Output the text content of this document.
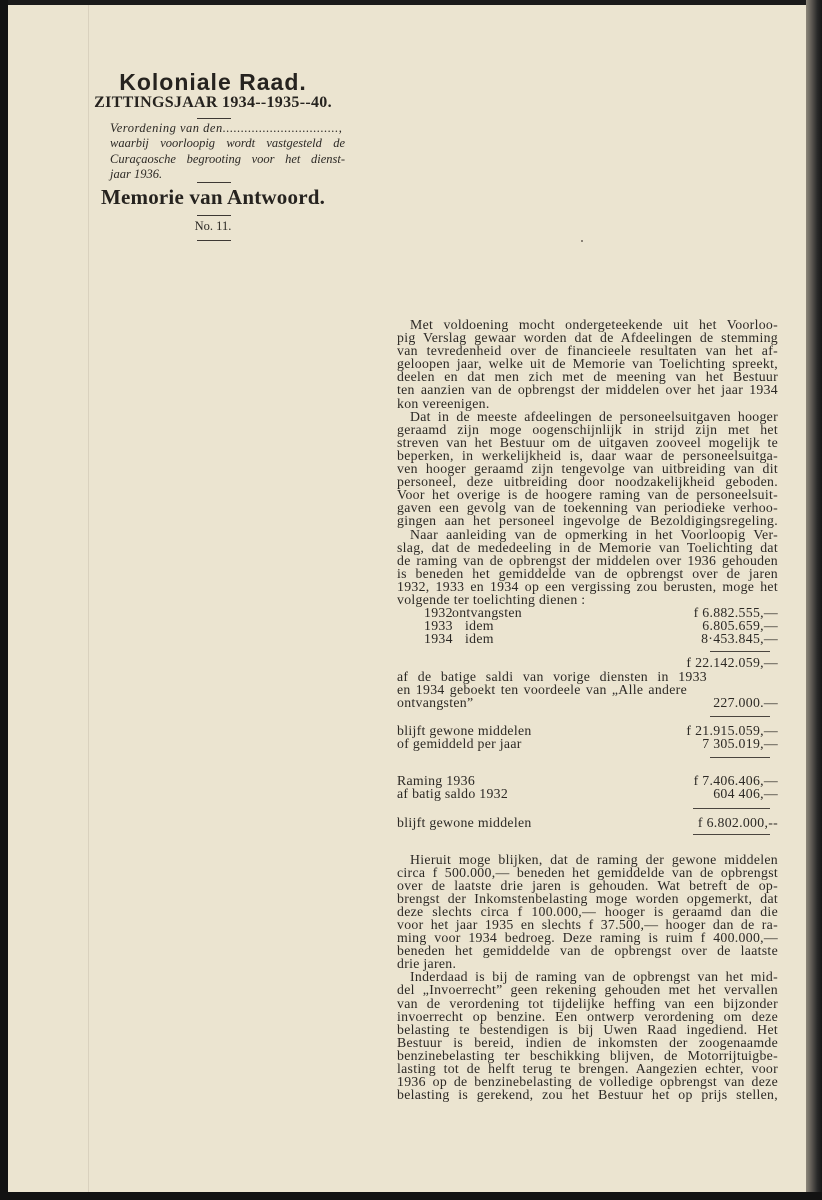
Koloniale Raad.
ZITTINGSJAAR 1934--1935--40.
Verordening van den................................,
waarbij voorloopig wordt vastgesteld de
Curaçaosche begrooting voor het dienst-
jaar 1936.
Memorie van Antwoord.
No. 11.
Met voldoening mocht ondergeteekende uit het Voorloo-
pig Verslag gewaar worden dat de Afdeelingen de stemming
van tevredenheid over de financieele resultaten van het af-
geloopen jaar, welke uit de Memorie van Toelichting spreekt,
deelen en dat men zich met de meening van het Bestuur
ten aanzien van de opbrengst der middelen over het jaar 1934
kon vereenigen.
Dat in de meeste afdeelingen de personeelsuitgaven hooger
geraamd zijn moge oogenschijnlijk in strijd zijn met het
streven van het Bestuur om de uitgaven zooveel mogelijk te
beperken, in werkelijkheid is, daar waar de personeelsuitga-
ven hooger geraamd zijn tengevolge van uitbreiding van dit
personeel, deze uitbreiding door noodzakelijkheid geboden.
Voor het overige is de hoogere raming van de personeelsuit-
gaven een gevolg van de toekenning van periodieke verhoo-
gingen aan het personeel ingevolge de Bezoldigingsregeling.
Naar aanleiding van de opmerking in het Voorloopig Ver-
slag, dat de mededeeling in de Memorie van Toelichting dat
de raming van de opbrengst der middelen over 1936 gehouden
is beneden het gemiddelde van de opbrengst over de jaren
1932, 1933 en 1934 op een vergissing zou berusten, moge het
volgende ter toelichting dienen :
1932 ontvangsten	f 6.882.555,—
1933 idem	6.805.659,—
1934 idem	8·453.845,—
f 22.142.059,—
af de batige saldi van vorige diensten in 1933
en 1934 geboekt ten voordeele van „Alle andere
ontvangsten”	227.000.—
blijft gewone middelen	f 21.915.059,—
of gemiddeld per jaar	7 305.019,—
Raming 1936	f 7.406.406,—
af batig saldo 1932	604 406,—
blijft gewone middelen	f 6.802.000,--
Hieruit moge blijken, dat de raming der gewone middelen
circa f 500.000,— beneden het gemiddelde van de opbrengst
over de laatste drie jaren is gehouden. Wat betreft de op-
brengst der Inkomstenbelasting moge worden opgemerkt, dat
deze slechts circa f 100.000,— hooger is geraamd dan die
voor het jaar 1935 en slechts f 37.500,— hooger dan de ra-
ming voor 1934 bedroeg. Deze raming is ruim f 400.000,—
beneden het gemiddelde van de opbrengst over de laatste
drie jaren.
Inderdaad is bij de raming van de opbrengst van het mid-
del „Invoerrecht” geen rekening gehouden met het vervallen
van de verordening tot tijdelijke heffing van een bijzonder
invoerrecht op benzine. Een ontwerp verordening om deze
belasting te bestendigen is bij Uwen Raad ingediend. Het
Bestuur is bereid, indien de inkomsten der zoogenaamde
benzinebelasting ter beschikking blijven, de Motorrijtuigbe-
lasting tot de helft terug te brengen. Aangezien echter, voor
1936 op de benzinebelasting de volledige opbrengst van deze
belasting is gerekend, zou het Bestuur het op prijs stellen,
